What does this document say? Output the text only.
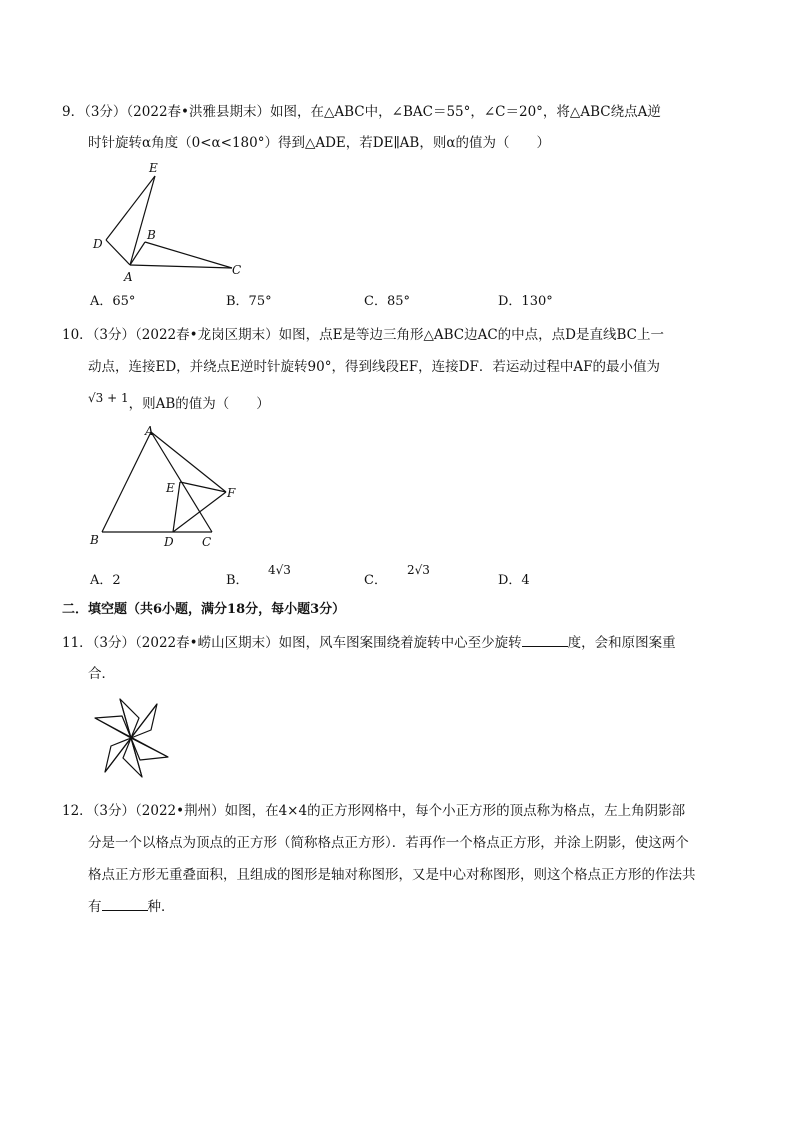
9．（3分）（2022春•洪雅县期末）如图，在△ABC中，∠BAC＝55°，∠C＝20°，将△ABC绕点A逆
时针旋转α角度（0<α<180°）得到△ADE，若DE∥AB，则α的值为（　　）
E
D
B
A	C
A．65°	B．75°	C．85°	D．130°
10．（3分）（2022春•龙岗区期末）如图，点E是等边三角形△ABC边AC的中点，点D是直线BC上一
动点，连接ED，并绕点E逆时针旋转90°，得到线段EF，连接DF．若运动过程中AF的最小值为
√3 + 1，则AB的值为（　　）
A
E	F
B	D C
A．2	B．
4√3
C．
2√3
D．4
二．填空题（共6小题，满分18分，每小题3分）
11．（3分）（2022春•崂山区期末）如图，风车图案围绕着旋转中心至少旋转	度，会和原图案重
合．
12．（3分）（2022•荆州）如图，在4×4的正方形网格中，每个小正方形的顶点称为格点，左上角阴影部
分是一个以格点为顶点的正方形（简称格点正方形）．若再作一个格点正方形，并涂上阴影，使这两个
格点正方形无重叠面积，且组成的图形是轴对称图形，又是中心对称图形，则这个格点正方形的作法共
有	种．
